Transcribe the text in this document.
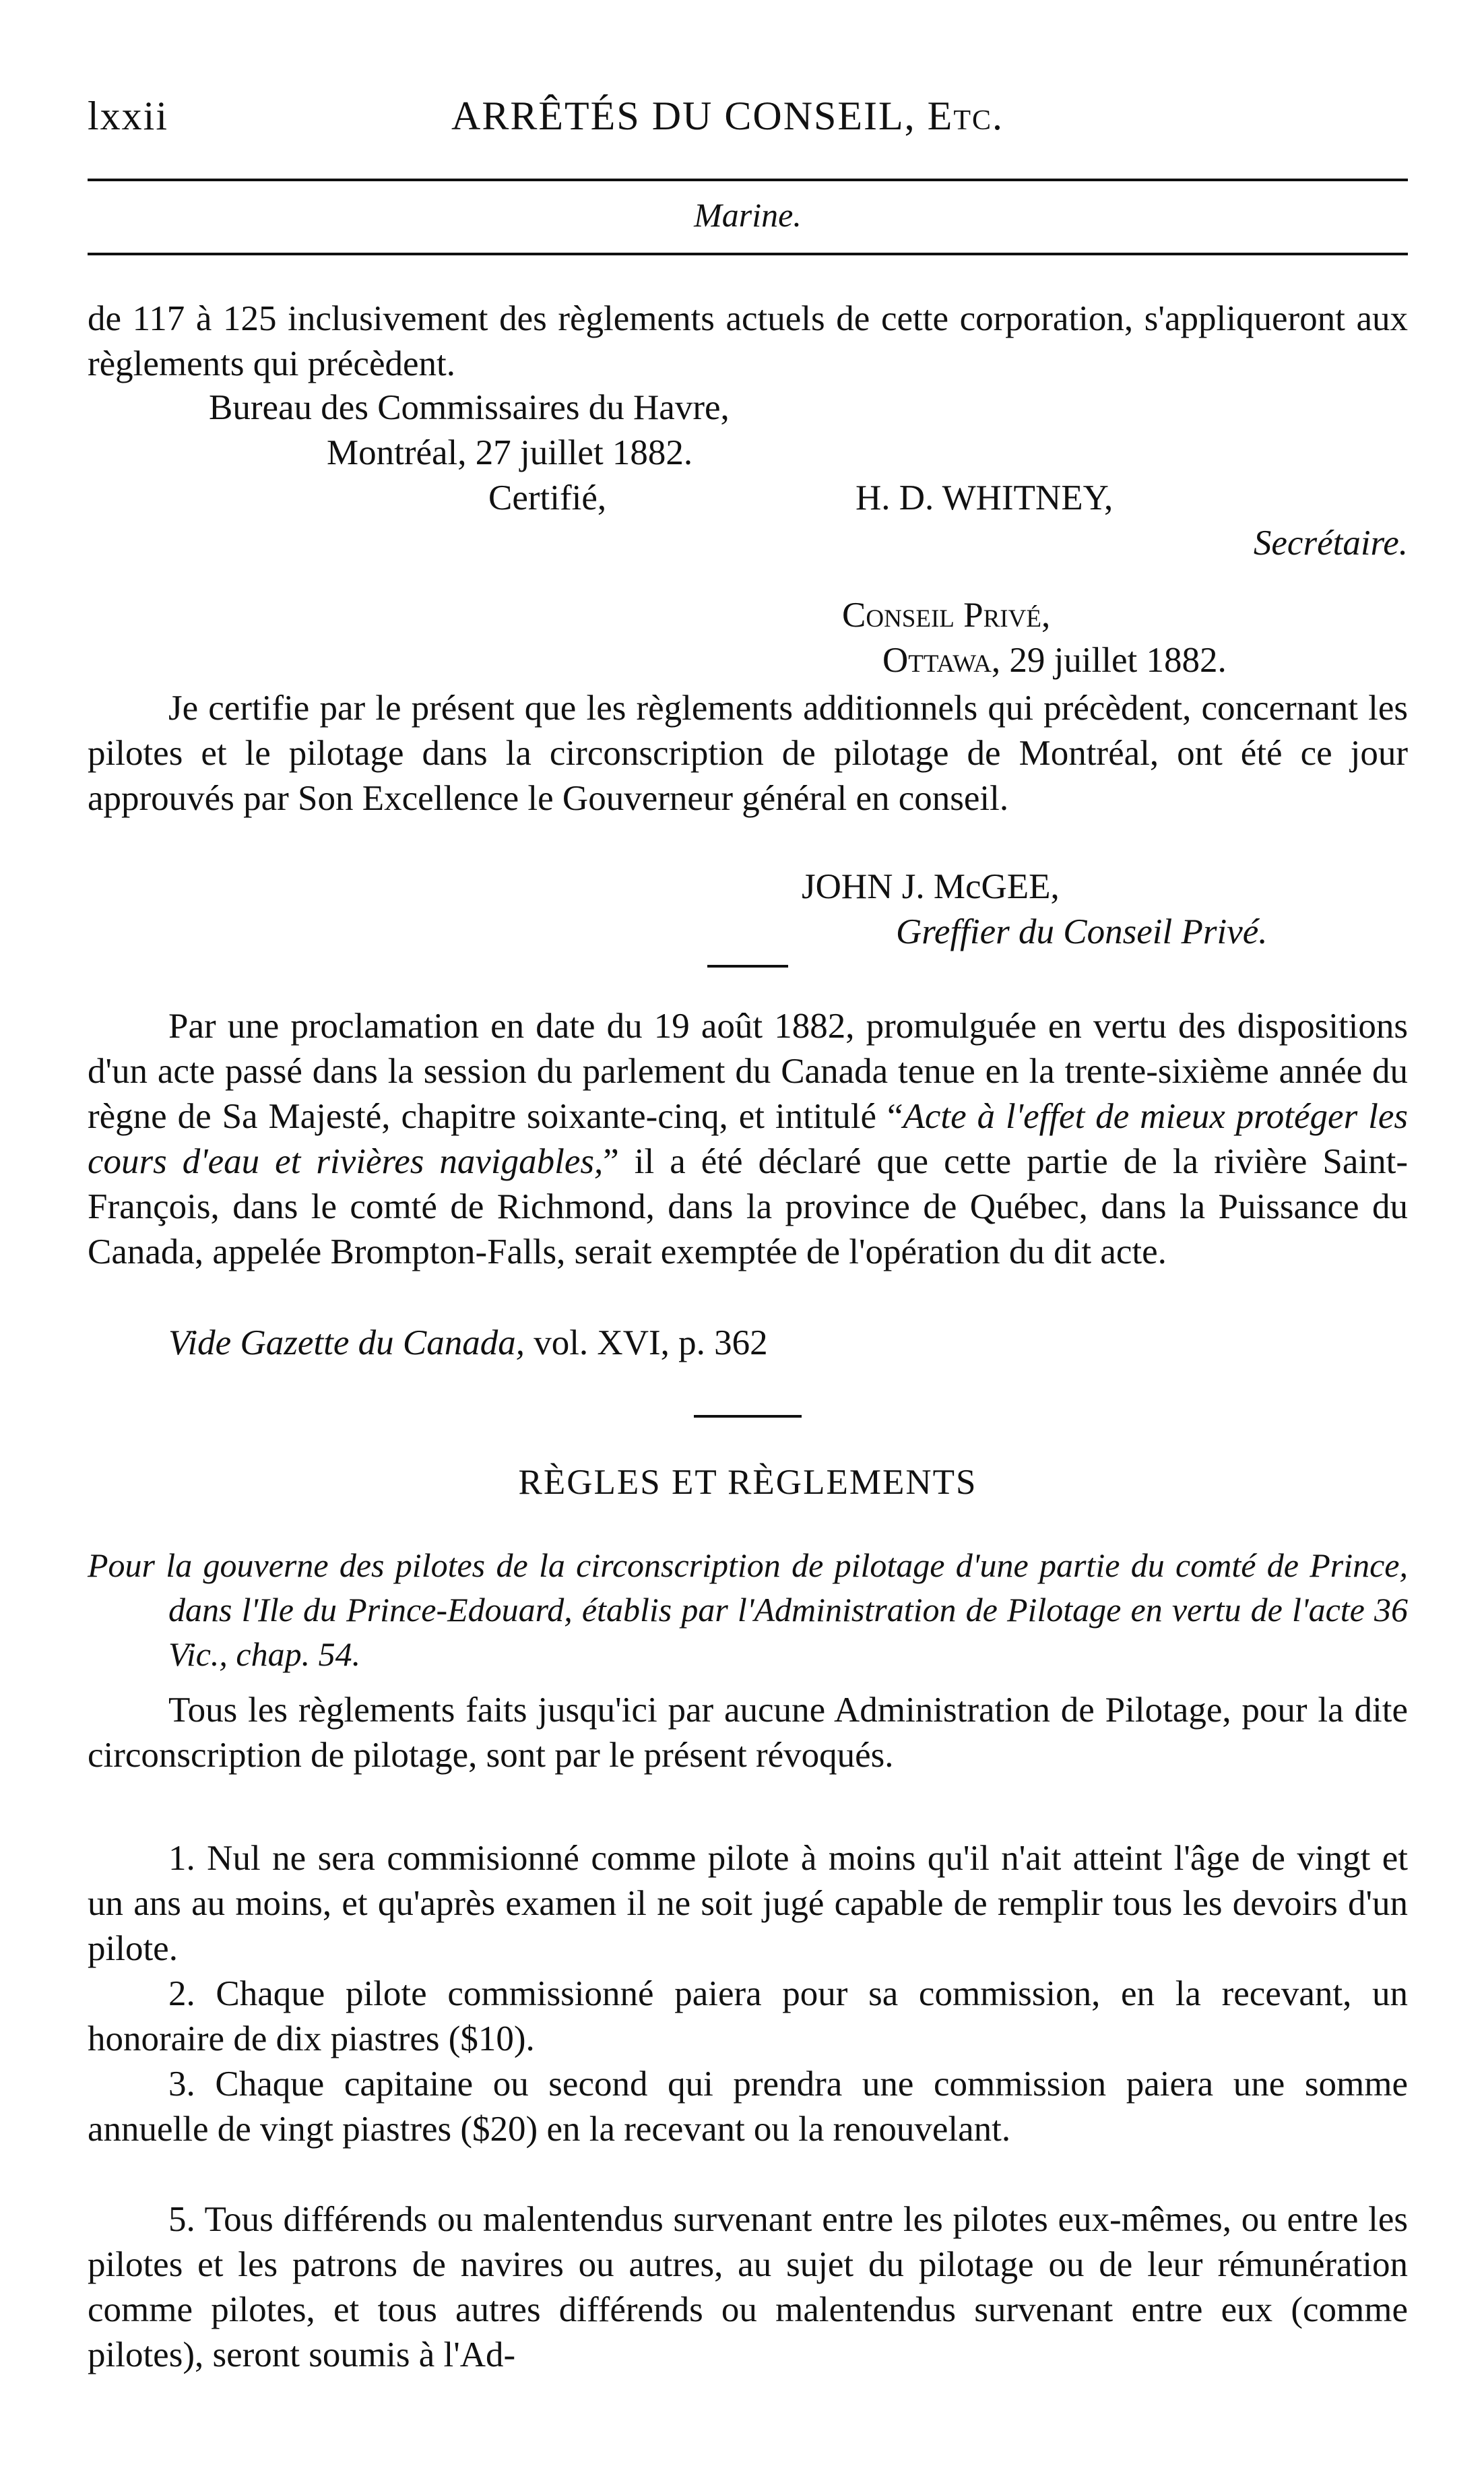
lxxii	ARRÊTÉS DU CONSEIL, Etc.
Marine.
de 117 à 125 inclusivement des règlements actuels de cette corporation, s'appliqueront aux règlements qui précèdent.
Bureau des Commissaires du Havre,
Montréal, 27 juillet 1882.
Certifié,	H. D. WHITNEY,
Secrétaire.
Conseil Privé,
Ottawa, 29 juillet 1882.
Je certifie par le présent que les règlements additionnels qui précèdent, concernant les pilotes et le pilotage dans la circonscription de pilotage de Montréal, ont été ce jour approuvés par Son Excellence le Gouverneur général en conseil.
JOHN J. McGEE,
Greffier du Conseil Privé.
Par une proclamation en date du 19 août 1882, promulguée en vertu des dispositions d'un acte passé dans la session du parlement du Canada tenue en la trente-sixième année du règne de Sa Majesté, chapitre soixante-cinq, et intitulé “Acte à l'effet de mieux protéger les cours d'eau et rivières navigables,” il a été déclaré que cette partie de la rivière Saint-François, dans le comté de Richmond, dans la province de Québec, dans la Puissance du Canada, appelée Brompton-Falls, serait exemptée de l'opération du dit acte.
Vide Gazette du Canada, vol. XVI, p. 362
RÈGLES ET RÈGLEMENTS
Pour la gouverne des pilotes de la circonscription de pilotage d'une partie du comté de Prince, dans l'Ile du Prince-Edouard, établis par l'Administration de Pilotage en vertu de l'acte 36 Vic., chap. 54.
Tous les règlements faits jusqu'ici par aucune Administration de Pilotage, pour la dite circonscription de pilotage, sont par le présent révoqués.
1. Nul ne sera commisionné comme pilote à moins qu'il n'ait atteint l'âge de vingt et un ans au moins, et qu'après examen il ne soit jugé capable de remplir tous les devoirs d'un pilote.
2. Chaque pilote commissionné paiera pour sa commission, en la recevant, un honoraire de dix piastres ($10).
3. Chaque capitaine ou second qui prendra une commission paiera une somme annuelle de vingt piastres ($20) en la recevant ou la renouvelant.
5. Tous différends ou malentendus survenant entre les pilotes eux-mêmes, ou entre les pilotes et les patrons de navires ou autres, au sujet du pilotage ou de leur rémunération comme pilotes, et tous autres différends ou malentendus survenant entre eux (comme pilotes), seront soumis à l'Ad-
